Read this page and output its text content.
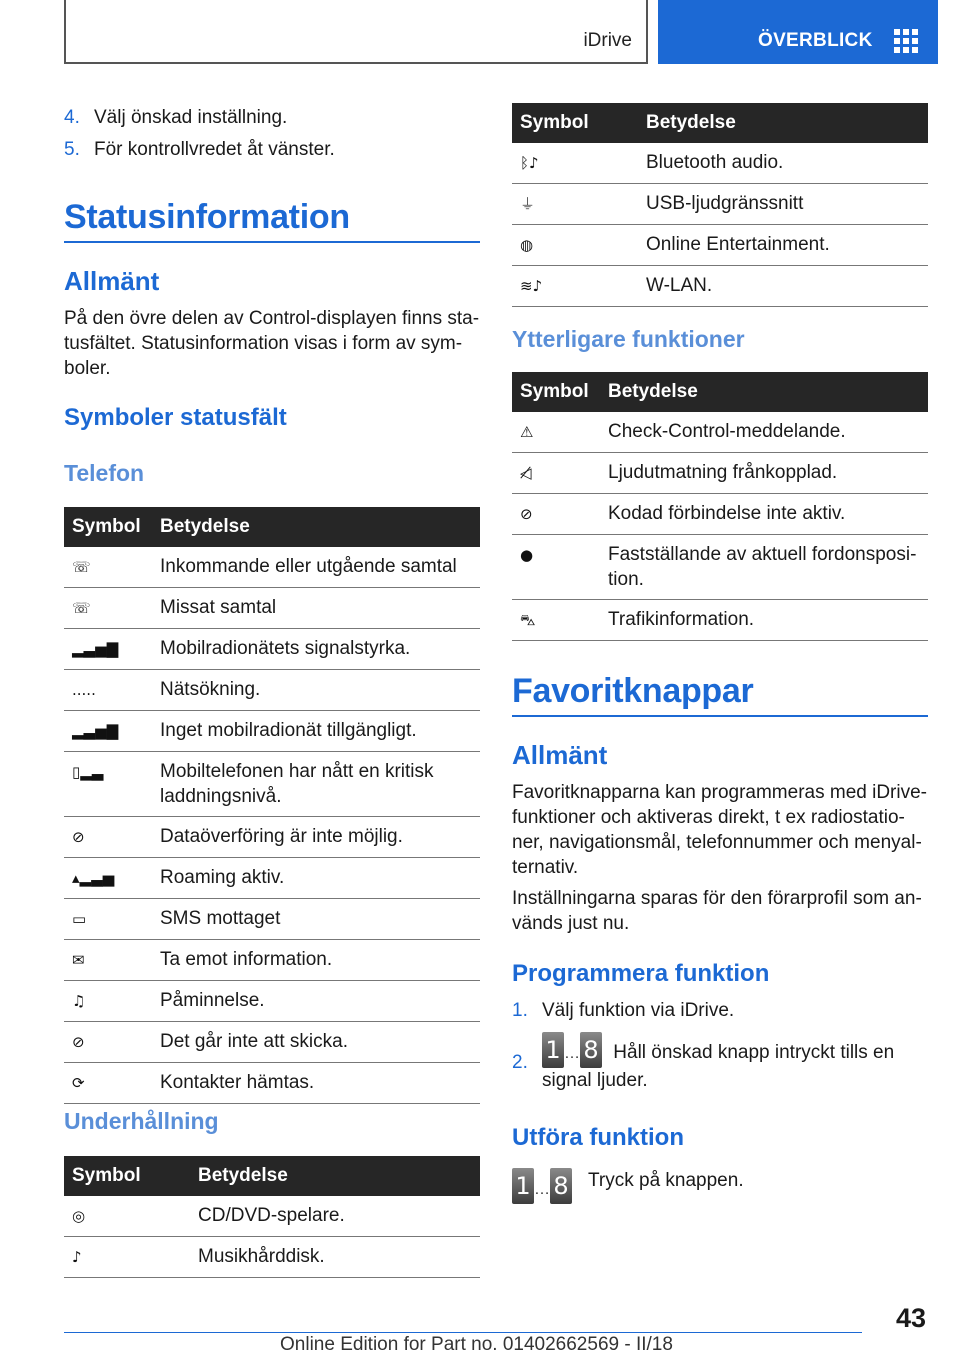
iDrive	ÖVERBLICK
4. Välj önskad inställning.
5. För kontrollvredet åt vänster.
Statusinformation
Allmänt
På den övre delen av Control-displayen finns statusfältet. Statusinformation visas i form av symboler.
Symboler statusfält
Telefon
Symbol	Betydelse
☏	Inkommande eller utgående samtal
☏	Missat samtal
▂▃▅▇	Mobilradionätets signalstyrka.
.....	Nätsökning.
▂▃▅▇	Inget mobilradionät tillgängligt.
▯▂▃	Mobiltelefonen har nått en kritisk laddningsnivå.
⊘	Dataöverföring är inte möjlig.
▴▂▃▅	Roaming aktiv.
▭	SMS mottaget
✉	Ta emot information.
♫	Påminnelse.
⊘	Det går inte att skicka.
⟳	Kontakter hämtas.
Underhållning
Symbol	Betydelse
◎	CD/DVD-spelare.
♪	Musikhårddisk.
Symbol	Betydelse
ᛒ♪	Bluetooth audio.
⏚	USB-ljudgränssnitt
◍	Online Entertainment.
≋♪	W-LAN.
Ytterligare funktioner
Symbol	Betydelse
⚠	Check-Control-meddelande.
◁̸	Ljudutmatning frånkopplad.
⊘	Kodad förbindelse inte aktiv.
●	Fastställande av aktuell fordonsposition.
⛍	Trafikinformation.
Favoritknappar
Allmänt
Favoritknapparna kan programmeras med iDrive-funktioner och aktiveras direkt, t ex radiostationer, navigationsmål, telefonnummer och menyalternativ.
Inställningarna sparas för den förarprofil som används just nu.
Programmera funktion
1. Välj funktion via iDrive.
2. 1 … 8 Håll önskad knapp intryckt tills en signal ljuder.
Utföra funktion
1 … 8 Tryck på knappen.
43
Online Edition for Part no. 01402662569 - II/18
